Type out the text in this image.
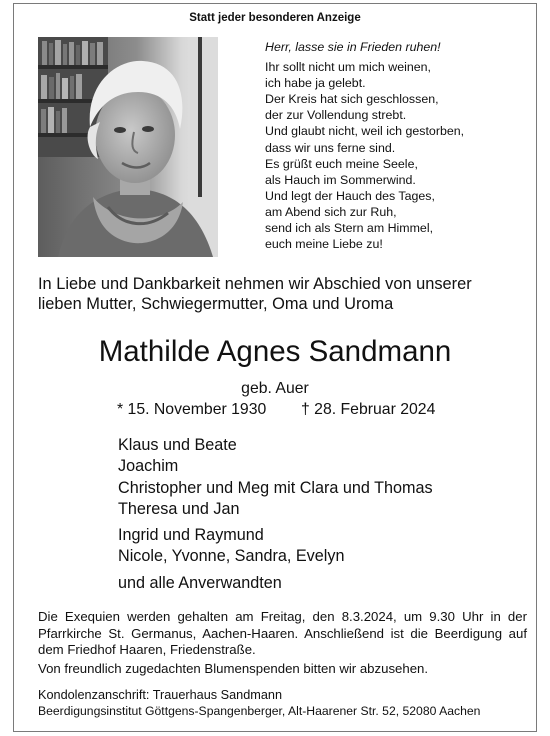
Statt jeder besonderen Anzeige
Herr, lasse sie in Frieden ruhen!
Ihr sollt nicht um mich weinen,
ich habe ja gelebt.
Der Kreis hat sich geschlossen,
der zur Vollendung strebt.
Und glaubt nicht, weil ich gestorben,
dass wir uns ferne sind.
Es grüßt euch meine Seele,
als Hauch im Sommerwind.
Und legt der Hauch des Tages,
am Abend sich zur Ruh,
send ich als Stern am Himmel,
euch meine Liebe zu!
In Liebe und Dankbarkeit nehmen wir Abschied von unserer
lieben Mutter, Schwiegermutter, Oma und Uroma
Mathilde Agnes Sandmann
geb. Auer
* 15. November 1930 † 28. Februar 2024
Klaus und Beate
Joachim
Christopher und Meg mit Clara und Thomas
Theresa und Jan
Ingrid und Raymund
Nicole, Yvonne, Sandra, Evelyn
und alle Anverwandten
Die Exequien werden gehalten am Freitag, den 8.3.2024, um 9.30 Uhr in der Pfarrkirche St. Germanus, Aachen-Haaren. Anschließend ist die Beerdigung auf dem Friedhof Haaren, Friedenstraße.
Von freundlich zugedachten Blumenspenden bitten wir abzusehen.
Kondolenzanschrift: Trauerhaus Sandmann
Beerdigungsinstitut Göttgens-Spangenberger, Alt-Haarener Str. 52, 52080 Aachen
